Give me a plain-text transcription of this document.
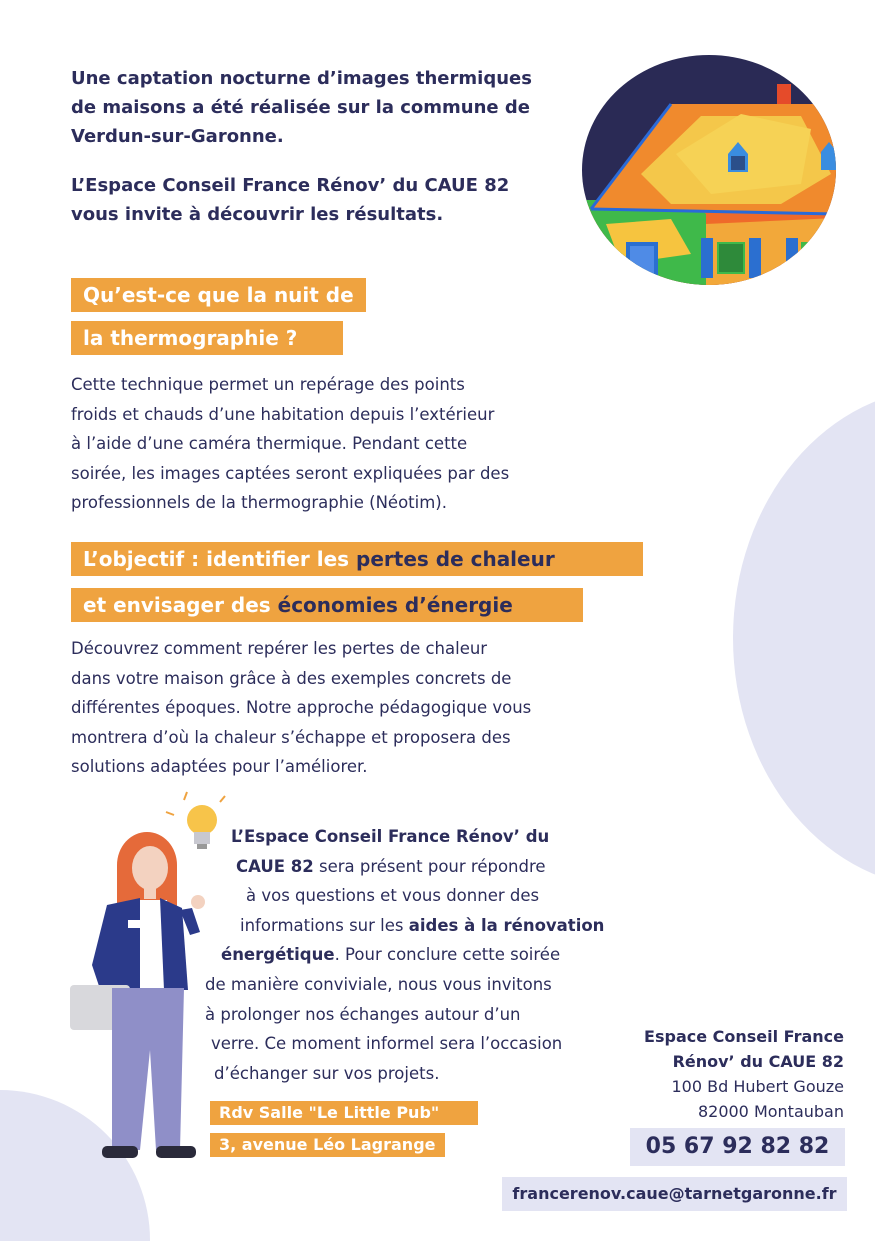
Une captation nocturne d’images thermiques
de maisons a été réalisée sur la commune de
Verdun-sur-Garonne.

L’Espace Conseil France Rénov’ du CAUE 82
vous invite à découvrir les résultats.

Qu’est-ce que la nuit de
la thermographie ?
Cette technique permet un repérage des points
froids et chauds d’une habitation depuis l’extérieur
à l’aide d’une caméra thermique. Pendant cette
soirée, les images captées seront expliquées par des
professionnels de la thermographie (Néotim).
L’objectif : identifier les pertes de chaleur
et envisager des économies d’énergie
Découvrez comment repérer les pertes de chaleur
dans votre maison grâce à des exemples concrets de
différentes époques. Notre approche pédagogique vous
montrera d’où la chaleur s’échappe et proposera des
solutions adaptées pour l’améliorer.
L’Espace Conseil France Rénov’ du
CAUE 82 sera présent pour répondre
à vos questions et vous donner des
informations sur les aides à la rénovation
énergétique. Pour conclure cette soirée
de manière conviviale, nous vous invitons
à prolonger nos échanges autour d’un
verre. Ce moment informel sera l’occasion
d’échanger sur vos projets.
Rdv Salle "Le Little Pub"
3, avenue Léo Lagrange
Espace Conseil France
Rénov’ du CAUE 82
100 Bd Hubert Gouze
82000 Montauban
05 67 92 82 82
francerenov.caue@tarnetgaronne.fr
